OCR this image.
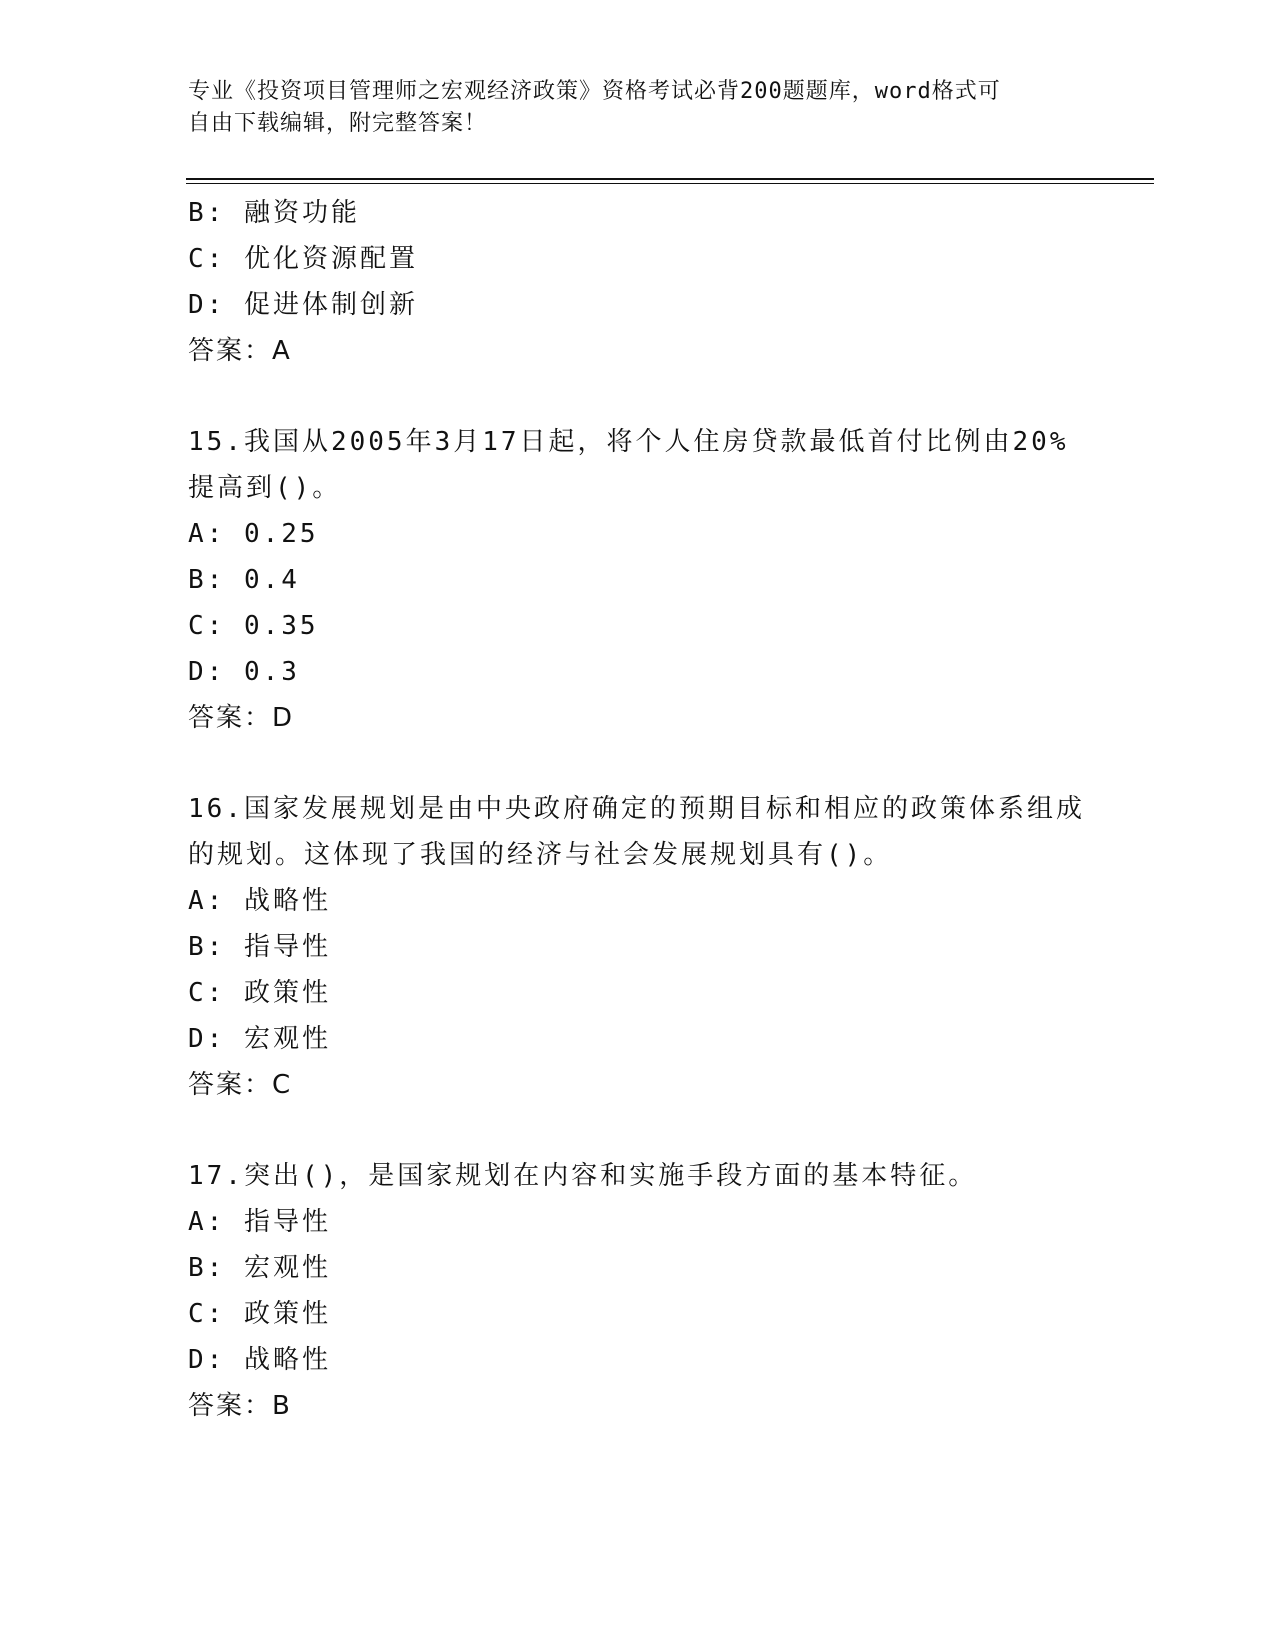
专业《投资项目管理师之宏观经济政策》资格考试必背200题题库，word格式可

自由下载编辑，附完整答案！

B: 融资功能
C: 优化资源配置
D: 促进体制创新
答案：A
15.我国从2005年3月17日起，将个人住房贷款最低首付比例由20%
提高到()。
A: 0.25
B: 0.4
C: 0.35
D: 0.3
答案：D
16.国家发展规划是由中央政府确定的预期目标和相应的政策体系组成
的规划。这体现了我国的经济与社会发展规划具有()。
A: 战略性
B: 指导性
C: 政策性
D: 宏观性
答案：C
17.突出()，是国家规划在内容和实施手段方面的基本特征。
A: 指导性
B: 宏观性
C: 政策性
D: 战略性
答案：B
